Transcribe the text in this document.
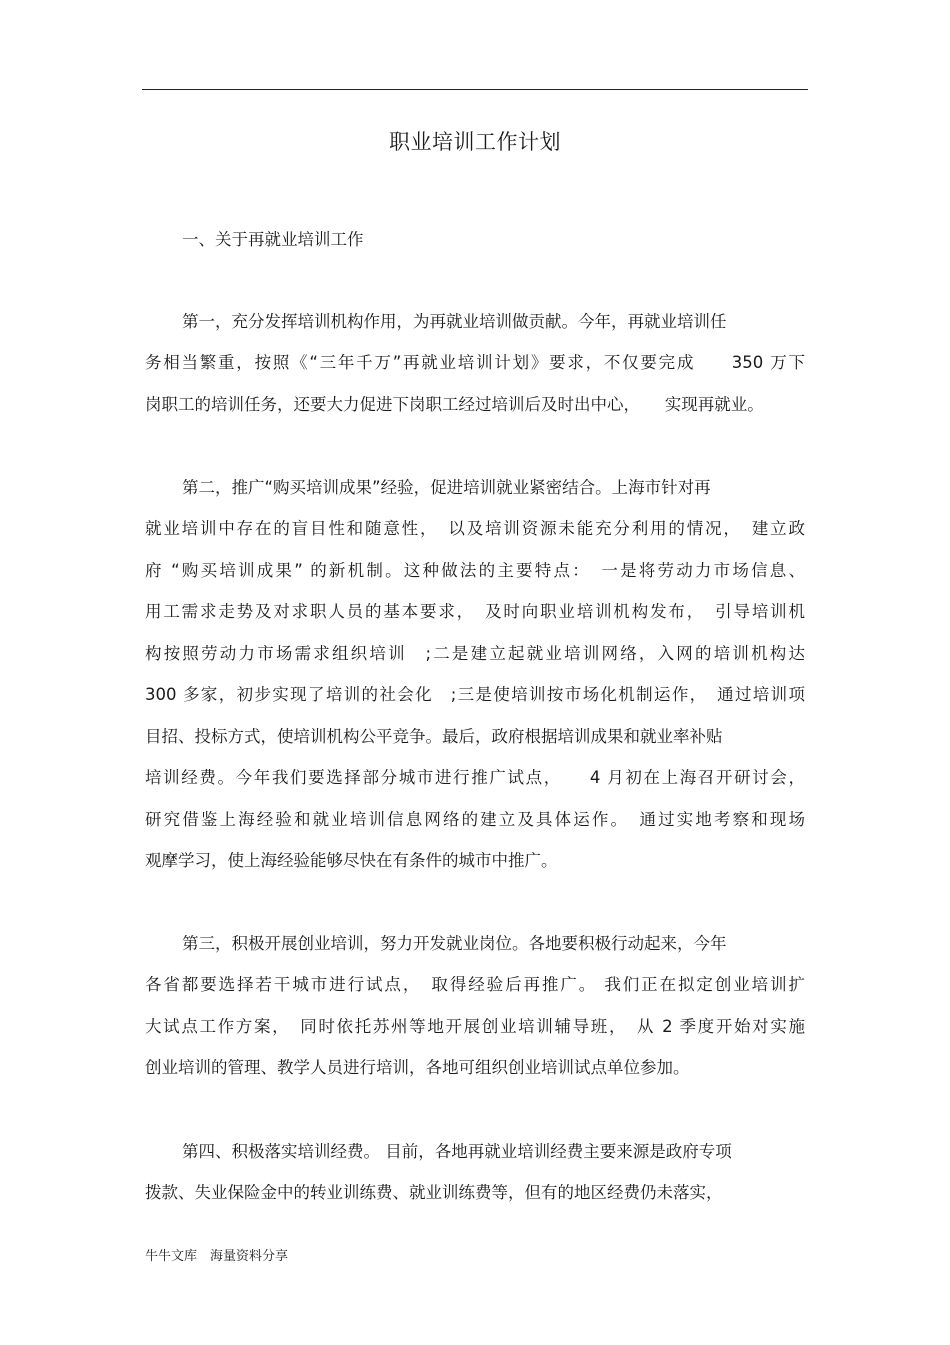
职业培训工作计划
一、关于再就业培训工作
第一，充分发挥培训机构作用，为再就业培训做贡献。今年，再就业培训任
务相当繁重，按照《“三年千万”再就业培训计划》要求，不仅要完成　　350 万下
岗职工的培训任务，还要大力促进下岗职工经过培训后及时出中心，　　实现再就业。
第二，推广“购买培训成果”经验，促进培训就业紧密结合。上海市针对再
就业培训中存在的盲目性和随意性，　以及培训资源未能充分利用的情况，　建立政
府 “购买培训成果” 的新机制。这种做法的主要特点：　一是将劳动力市场信息、
用工需求走势及对求职人员的基本要求，　及时向职业培训机构发布，　引导培训机
构按照劳动力市场需求组织培训　;二是建立起就业培训网络，入网的培训机构达
300 多家，初步实现了培训的社会化　;三是使培训按市场化机制运作，　通过培训项
目招、投标方式，使培训机构公平竞争。最后，政府根据培训成果和就业率补贴
培训经费。今年我们要选择部分城市进行推广试点，　　4 月初在上海召开研讨会，
研究借鉴上海经验和就业培训信息网络的建立及具体运作。　通过实地考察和现场
观摩学习，使上海经验能够尽快在有条件的城市中推广。
第三，积极开展创业培训，努力开发就业岗位。各地要积极行动起来，今年
各省都要选择若干城市进行试点，　取得经验后再推广。 我们正在拟定创业培训扩
大试点工作方案，　同时依托苏州等地开展创业培训辅导班，　从 2 季度开始对实施
创业培训的管理、教学人员进行培训，各地可组织创业培训试点单位参加。
第四、积极落实培训经费。 目前，各地再就业培训经费主要来源是政府专项
拨款、失业保险金中的转业训练费、就业训练费等，但有的地区经费仍未落实，
牛牛文库　海量资料分享
